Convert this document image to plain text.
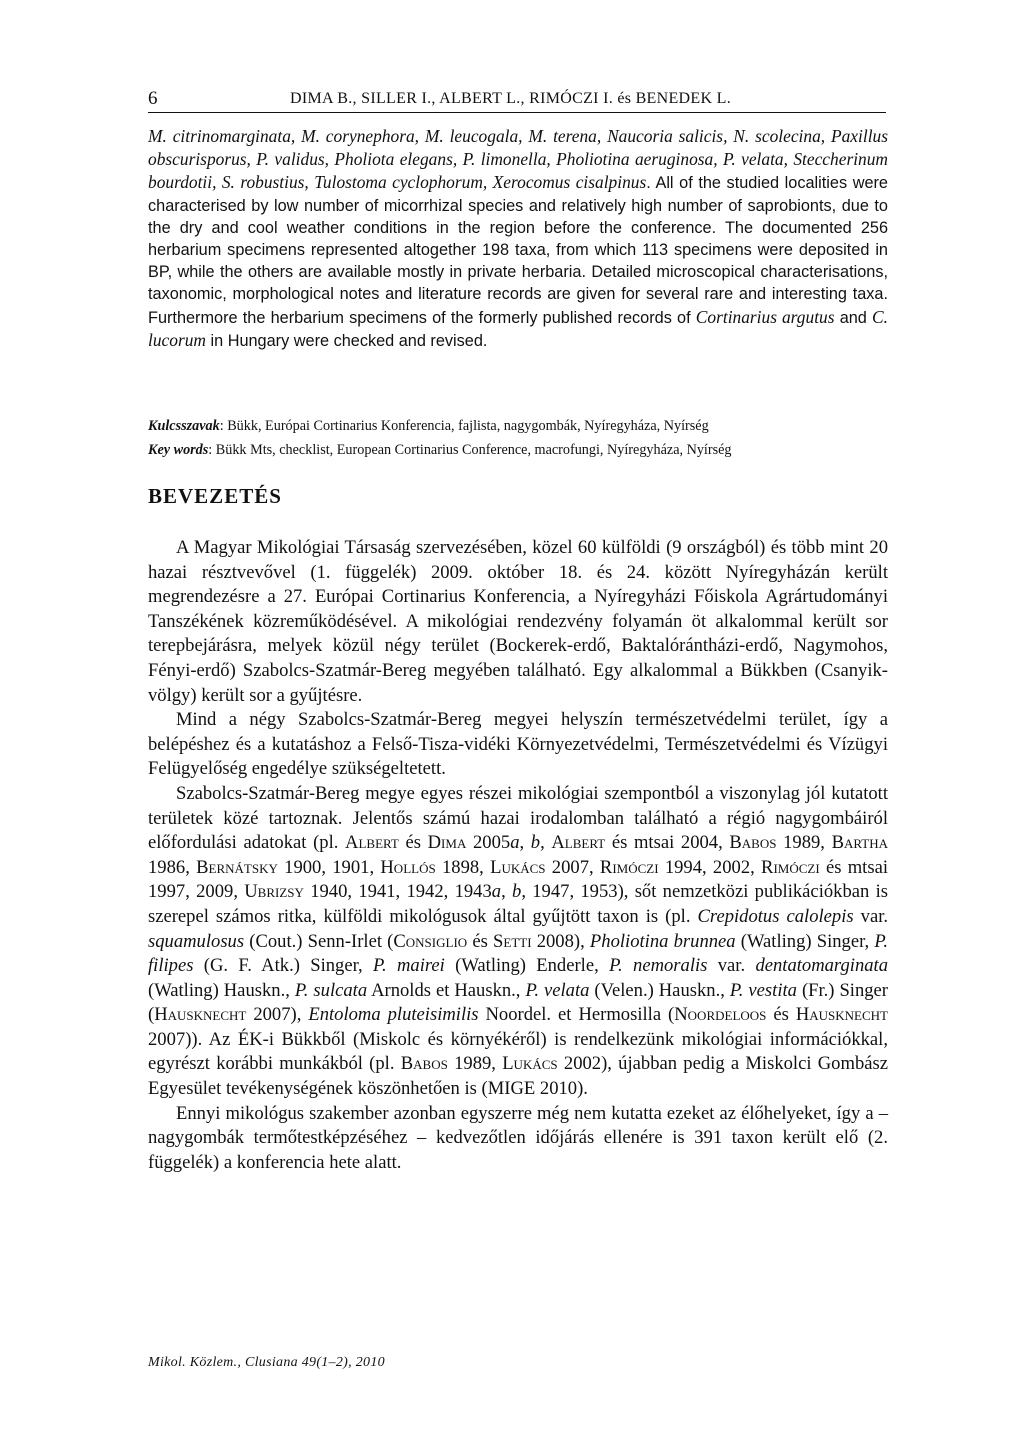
6	DIMA B., SILLER I., ALBERT L., RIMÓCZI I. és BENEDEK L.

M. citrinomarginata, M. corynephora, M. leucogala, M. terena, Naucoria salicis, N. scolecina, Paxillus obscurisporus, P. validus, Pholiota elegans, P. limonella, Pholiotina aeruginosa, P. velata, Steccherinum bourdotii, S. robustius, Tulostoma cyclophorum, Xerocomus cisalpinus. All of the studied localities were characterised by low number of micorrhizal species and relatively high number of saprobionts, due to the dry and cool weather conditions in the region before the conference. The documented 256 herbarium specimens represented altogether 198 taxa, from which 113 specimens were deposited in BP, while the others are available mostly in private herbaria. Detailed microscopical characterisations, taxonomic, morphological notes and literature records are given for several rare and interesting taxa. Furthermore the herbarium specimens of the formerly published records of Cortinarius argutus and C. lucorum in Hungary were checked and revised.

Kulcsszavak: Bükk, Európai Cortinarius Konferencia, fajlista, nagygombák, Nyíregyháza, Nyírség

Key words: Bükk Mts, checklist, European Cortinarius Conference, macrofungi, Nyíregyháza, Nyírség

BEVEZETÉS

A Magyar Mikológiai Társaság szervezésében, közel 60 külföldi (9 országból) és több mint 20 hazai résztvevővel (1. függelék) 2009. október 18. és 24. között Nyíregyházán került megrendezésre a 27. Európai Cortinarius Konferencia, a Nyíregyházi Főiskola Agrártudományi Tanszékének közreműködésével. A mikológiai rendezvény folyamán öt alkalommal került sor terepbejárásra, melyek közül négy terület (Bockerek-erdő, Baktalórántházi-erdő, Nagymohos, Fényi-erdő) Szabolcs-Szatmár-Bereg megyében található. Egy alkalommal a Bükkben (Csanyik-völgy) került sor a gyűjtésre.

Mind a négy Szabolcs-Szatmár-Bereg megyei helyszín természetvédelmi terület, így a belépéshez és a kutatáshoz a Felső-Tisza-vidéki Környezetvédelmi, Természetvédelmi és Vízügyi Felügyelőség engedélye szükségeltetett.

Szabolcs-Szatmár-Bereg megye egyes részei mikológiai szempontból a viszonylag jól kutatott területek közé tartoznak. Jelentős számú hazai irodalomban található a régió nagygombáiról előfordulási adatokat (pl. Albert és Dima 2005a, b, Albert és mtsai 2004, Babos 1989, Bartha 1986, Bernátsky 1900, 1901, Hollós 1898, Lukács 2007, Rimóczi 1994, 2002, Rimóczi és mtsai 1997, 2009, Ubrizsy 1940, 1941, 1942, 1943a, b, 1947, 1953), sőt nemzetközi publikációkban is szerepel számos ritka, külföldi mikológusok által gyűjtött taxon is (pl. Crepidotus calolepis var. squamulosus (Cout.) Senn-Irlet (Consiglio és Setti 2008), Pholiotina brunnea (Watling) Singer, P. filipes (G. F. Atk.) Singer, P. mairei (Watling) Enderle, P. nemoralis var. dentatomarginata (Watling) Hauskn., P. sulcata Arnolds et Hauskn., P. velata (Velen.) Hauskn., P. vestita (Fr.) Singer (Hausknecht 2007), Entoloma pluteisimilis Noordel. et Hermosilla (Noordeloos és Hausknecht 2007)). Az ÉK-i Bükkből (Miskolc és környékéről) is rendelkezünk mikológiai információkkal, egyrészt korábbi munkákból (pl. Babos 1989, Lukács 2002), újabban pedig a Miskolci Gombász Egyesület tevékenységének köszönhetően is (MIGE 2010).

Ennyi mikológus szakember azonban egyszerre még nem kutatta ezeket az élőhelyeket, így a – nagygombák termőtestképzéséhez – kedvezőtlen időjárás ellenére is 391 taxon került elő (2. függelék) a konferencia hete alatt.

Mikol. Közlem., Clusiana 49(1–2), 2010
